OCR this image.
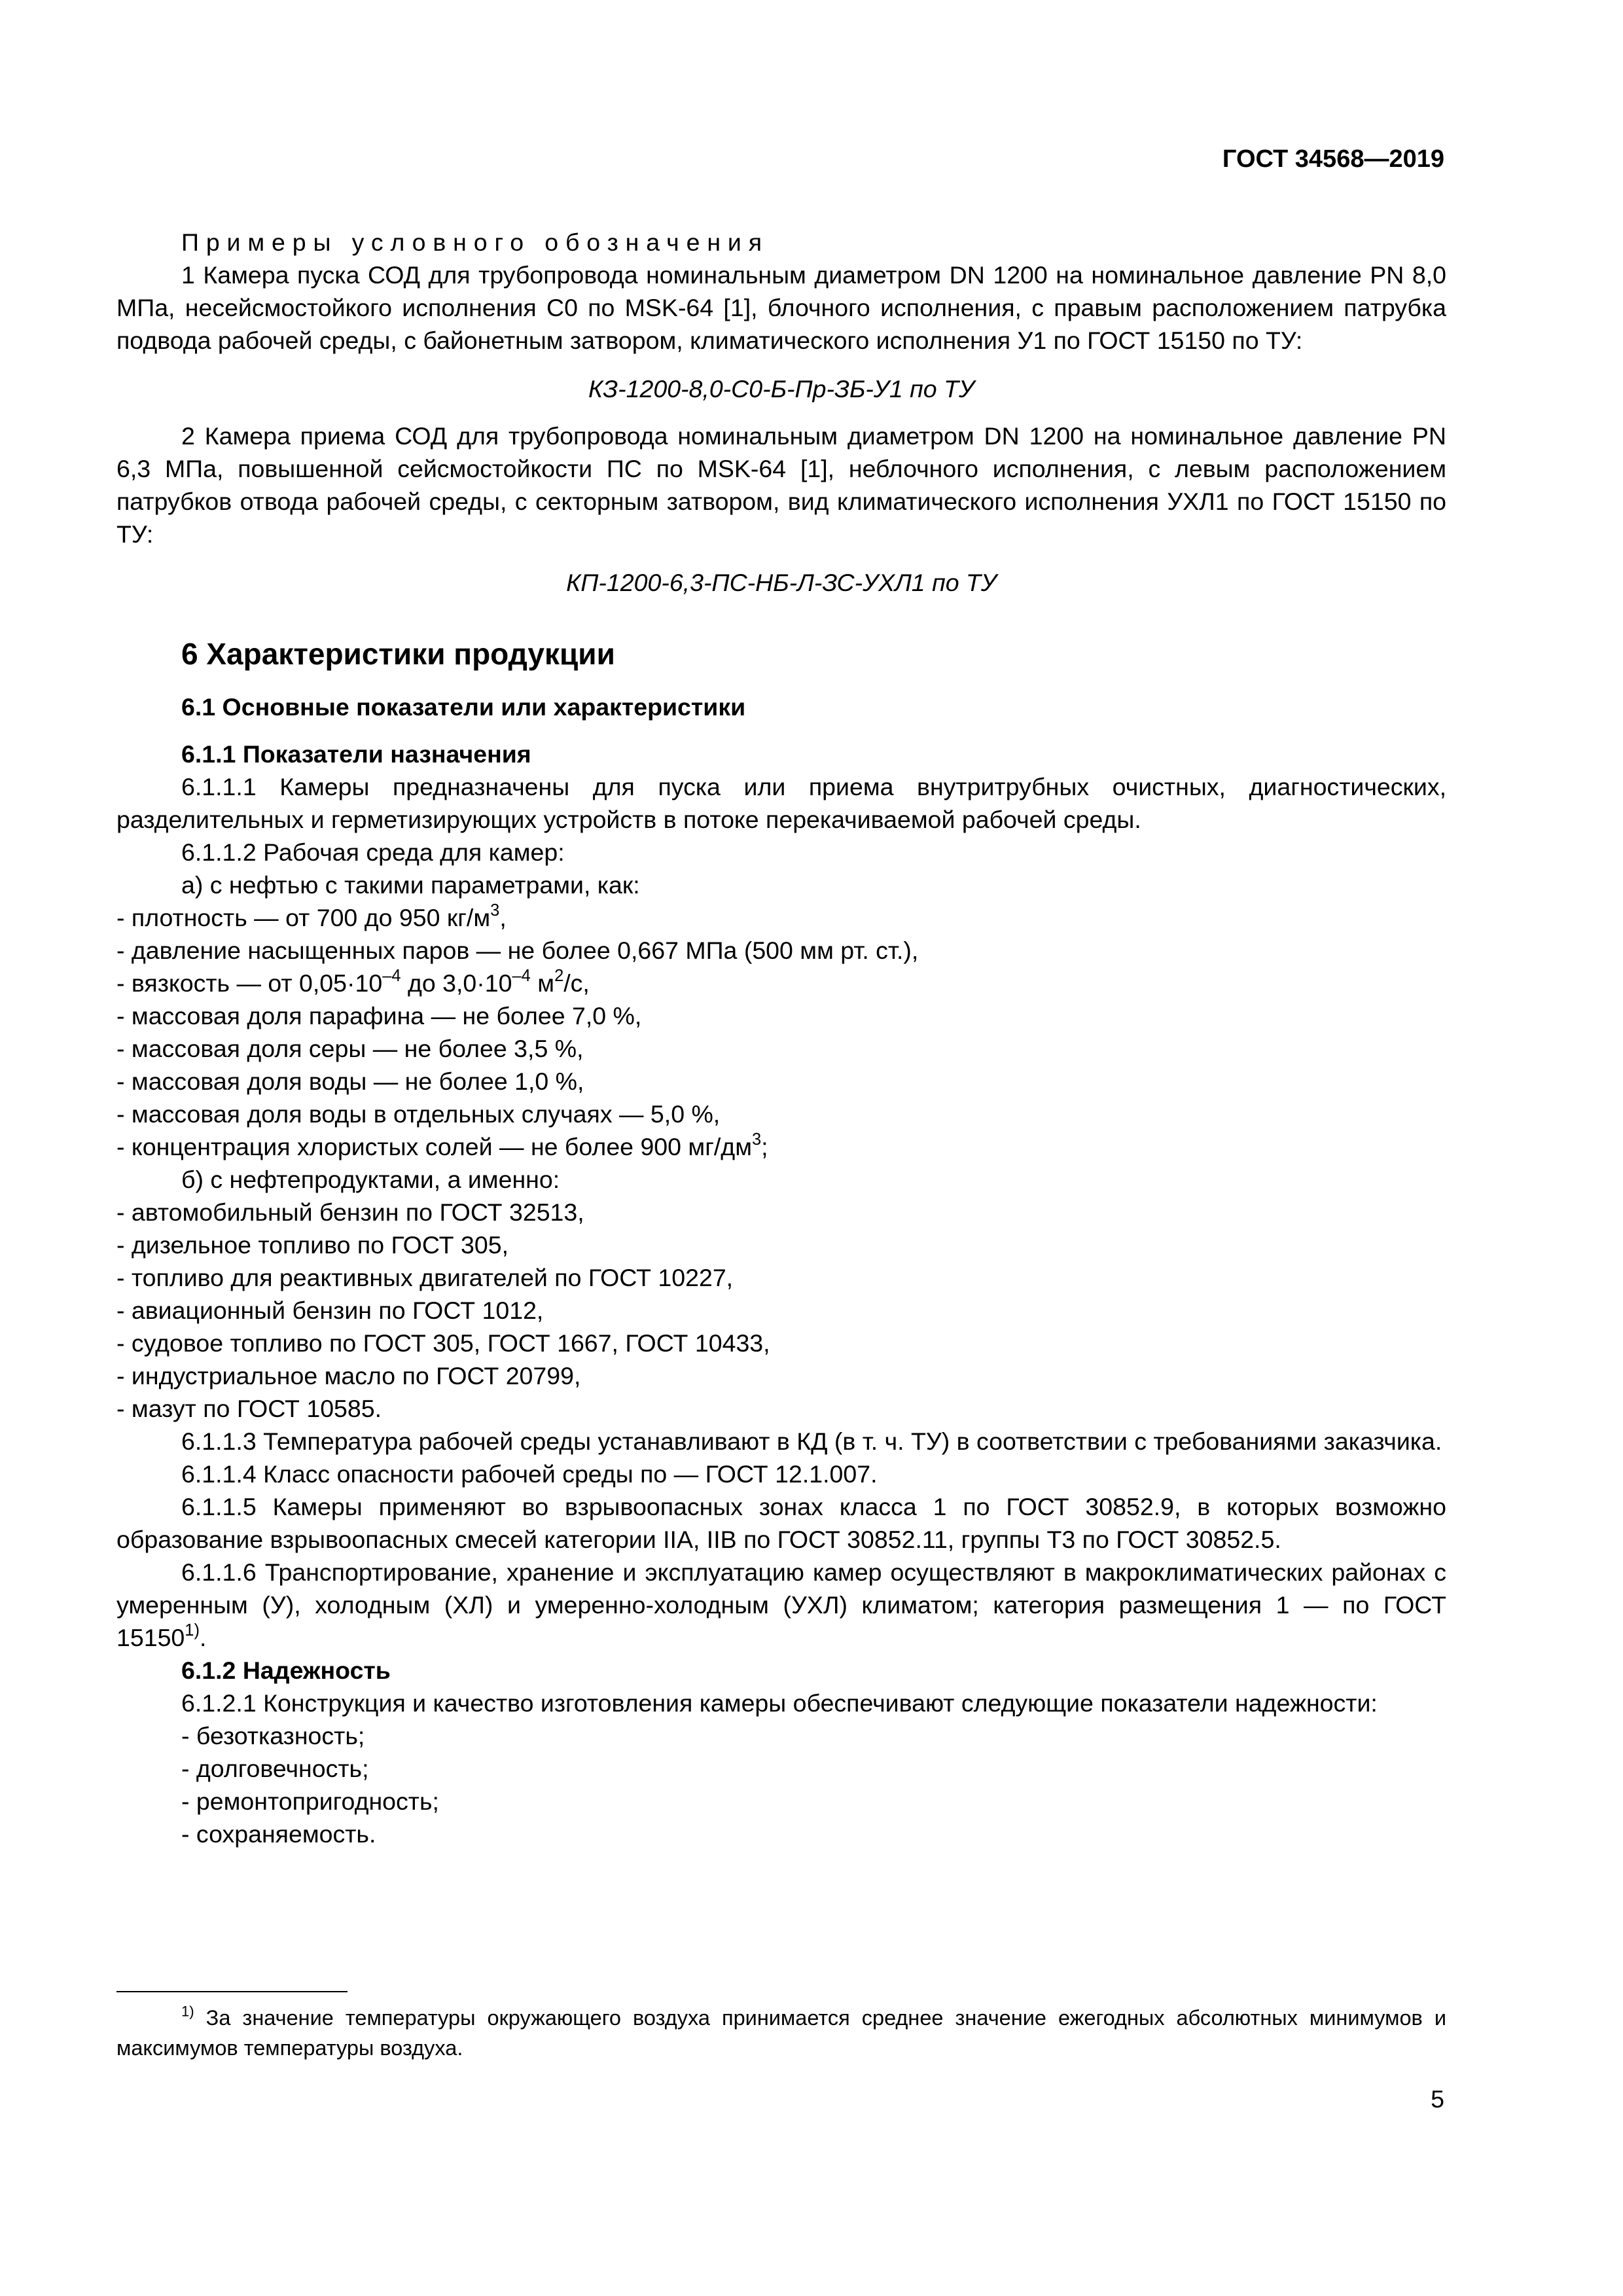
ГОСТ 34568—2019

Примеры условного обозначения

1 Камера пуска СОД для трубопровода номинальным диаметром DN 1200 на номинальное давление PN 8,0 МПа, несейсмостойкого исполнения С0 по MSK-64 [1], блочного исполнения, с правым расположением патрубка подвода рабочей среды, с байонетным затвором, климатического исполнения У1 по ГОСТ 15150 по ТУ:

КЗ-1200-8,0-С0-Б-Пр-ЗБ-У1 по ТУ

2 Камера приема СОД для трубопровода номинальным диаметром DN 1200 на номинальное давление PN 6,3 МПа, повышенной сейсмостойкости ПС по MSK-64 [1], неблочного исполнения, с левым расположением патрубков отвода рабочей среды, с секторным затвором, вид климатического исполнения УХЛ1 по ГОСТ 15150 по ТУ:

КП-1200-6,3-ПС-НБ-Л-ЗС-УХЛ1 по ТУ

6 Характеристики продукции

6.1 Основные показатели или характеристики

6.1.1 Показатели назначения

6.1.1.1 Камеры предназначены для пуска или приема внутритрубных очистных, диагностических, разделительных и герметизирующих устройств в потоке перекачиваемой рабочей среды.

6.1.1.2 Рабочая среда для камер:

а) с нефтью с такими параметрами, как:

- плотность — от 700 до 950 $кг/м^3$,

- давление насыщенных паров — не более 0,667 МПа (500 мм рт. ст.),

- вязкость — от $0,05\cdot 10^{-4}$ до $3,0\cdot 10^{-4}$ $м^2/с$,

- массовая доля парафина — не более 7,0 %,

- массовая доля серы — не более 3,5 %,

- массовая доля воды — не более 1,0 %,

- массовая доля воды в отдельных случаях — 5,0 %,

- концентрация хлористых солей — не более 900 $мг/дм^3$;

б) с нефтепродуктами, а именно:

- автомобильный бензин по ГОСТ 32513,

- дизельное топливо по ГОСТ 305,

- топливо для реактивных двигателей по ГОСТ 10227,

- авиационный бензин по ГОСТ 1012,

- судовое топливо по ГОСТ 305, ГОСТ 1667, ГОСТ 10433,

- индустриальное масло по ГОСТ 20799,

- мазут по ГОСТ 10585.

6.1.1.3 Температура рабочей среды устанавливают в КД (в т. ч. ТУ) в соответствии с требованиями заказчика.

6.1.1.4 Класс опасности рабочей среды по — ГОСТ 12.1.007.

6.1.1.5 Камеры применяют во взрывоопасных зонах класса 1 по ГОСТ 30852.9, в которых возможно образование взрывоопасных смесей категории IIA, IIB по ГОСТ 30852.11, группы Т3 по ГОСТ 30852.5.

6.1.1.6 Транспортирование, хранение и эксплуатацию камер осуществляют в макроклиматических районах с умеренным (У), холодным (ХЛ) и умеренно-холодным (УХЛ) климатом; категория размещения 1 — по ГОСТ 15150$^{1)}$.

6.1.2 Надежность

6.1.2.1 Конструкция и качество изготовления камеры обеспечивают следующие показатели надежности:

- безотказность;

- долговечность;

- ремонтопригодность;

- сохраняемость.

$^{1)}$ За значение температуры окружающего воздуха принимается среднее значение ежегодных абсолютных минимумов и максимумов температуры воздуха.

5
